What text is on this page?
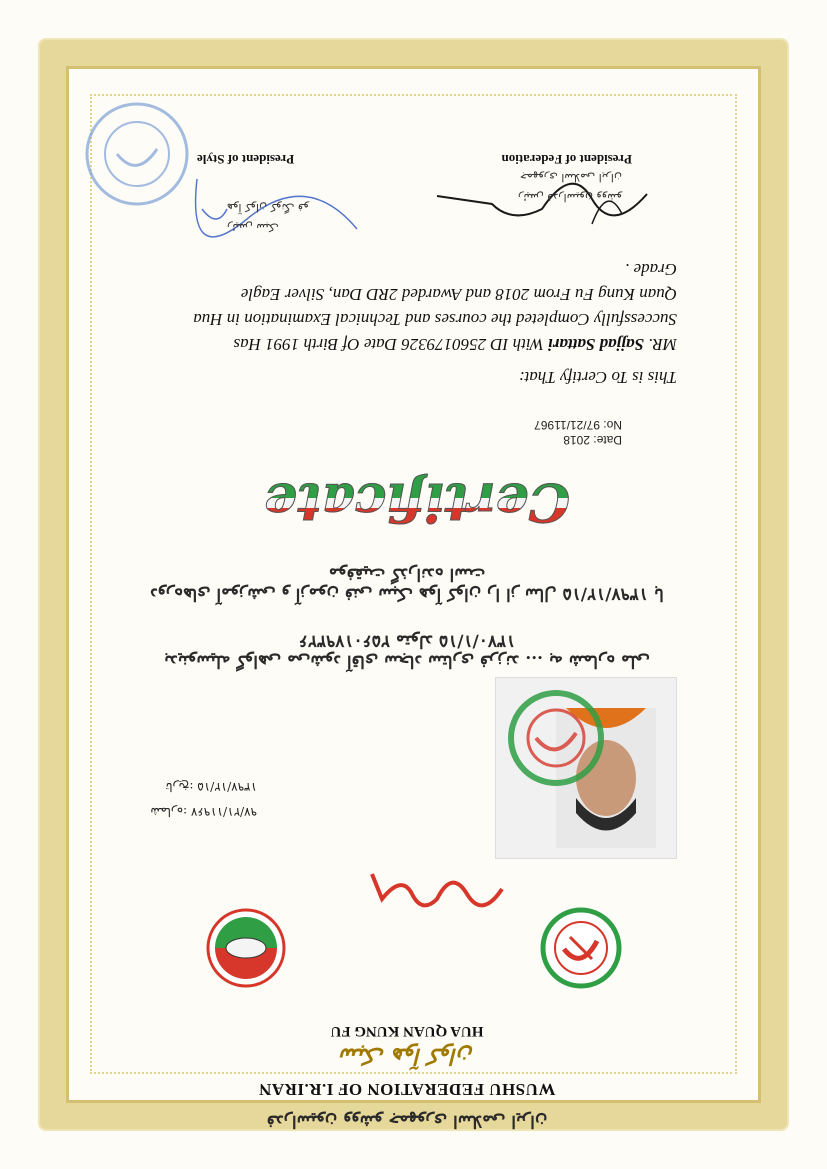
فدراسیون ووشو جمهوری اسلامی ایران
WUSHU FEDERATION OF I.R.IRAN
سبک هوآ کوان
HUA QUAN KUNG FU
۹۷/۲۱/۱۱۹۶۷ :شماره
۱۳۹۷/۱۲/۱۵ :تاریخ
بدینوسیله گواهی می‌شود آقای سجاد ستاری فرزند ... به شماره ملی ۲۵۶۰۱۷۹۳۲۶ متولد ۱۳۷۰/۱/۱۵
دوره‌های آموزشی و آزمون فنی سبک هوآ کوان را از سال ۱۳۹۷/۱۲/۱۵ با موفقیت گذرانده است
Certificate
Date: 2018
No: 97/21/11967
This is To Certify That:
MR. Sajjad Sattari With ID 2560179326 Date Of Birth 1991 Has
Successfully Completed the courses and Technical Examination in Hua
Quan Kung Fu From 2018 and Awarded 2RD Dan, Silver Eagle
Grade .
رئیس فدراسیون ووشو
جمهوری اسلامی ایران
رئیس سبک
هوآ کوان کونگ فو
President of Federation
President of Style
